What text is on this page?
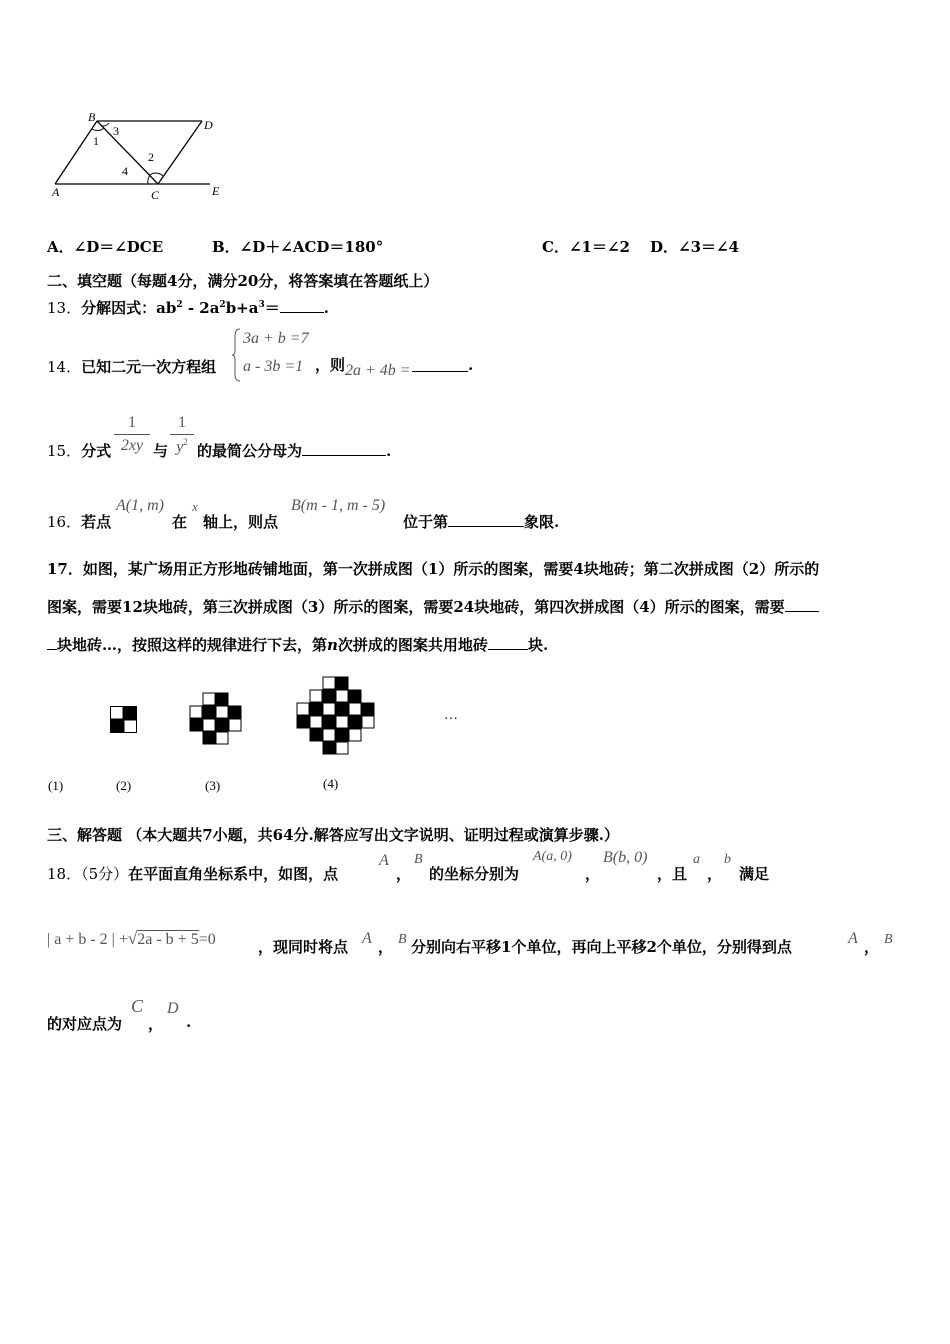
B
D
A	C	E
1
2
3
4
A．∠D＝∠DCE	B．∠D＋∠ACD＝180°	C．∠1＝∠2 D．∠3＝∠4
二、填空题（每题4分，满分20分，将答案填在答题纸上）
13．分解因式：$ab^2 - 2a^2b+a^3=$	.
14．已知二元一次方程组
3a + b =7
a - 3b =1 ，则 2a + 4b =	.
15．分式
1
2xy 与
1
$y^2$ 的最简公分母为	.
16．若点
A(1, m)
在
x
轴上，则点
B(m - 1, m - 5)
位于第	象限.
17．如图，某广场用正方形地砖铺地面，第一次拼成图（1）所示的图案，需要4块地砖；第二次拼成图（2）所示的
图案，需要12块地砖，第三次拼成图（3）所示的图案，需要24块地砖，第四次拼成图（4）所示的图案，需要
块地砖…，按照这样的规律进行下去，第n次拼成的图案共用地砖	块.
…
(1)	(2)	(3)	(4)
三、解答题 （本大题共7小题，共64分.解答应写出文字说明、证明过程或演算步骤.）
18．（5分）在平面直角坐标系中，如图，点
A
，
B
的坐标分别为
A(a, 0)
，
B(b, 0)
，且
a
，
b
满足
| a + b - 2 | +√2a - b + 5=0	，现同时将点 A ， B 分别向右平移1个单位，再向上平移2个单位，分别得到点	A ， B
的对应点为
C
，
D
.
